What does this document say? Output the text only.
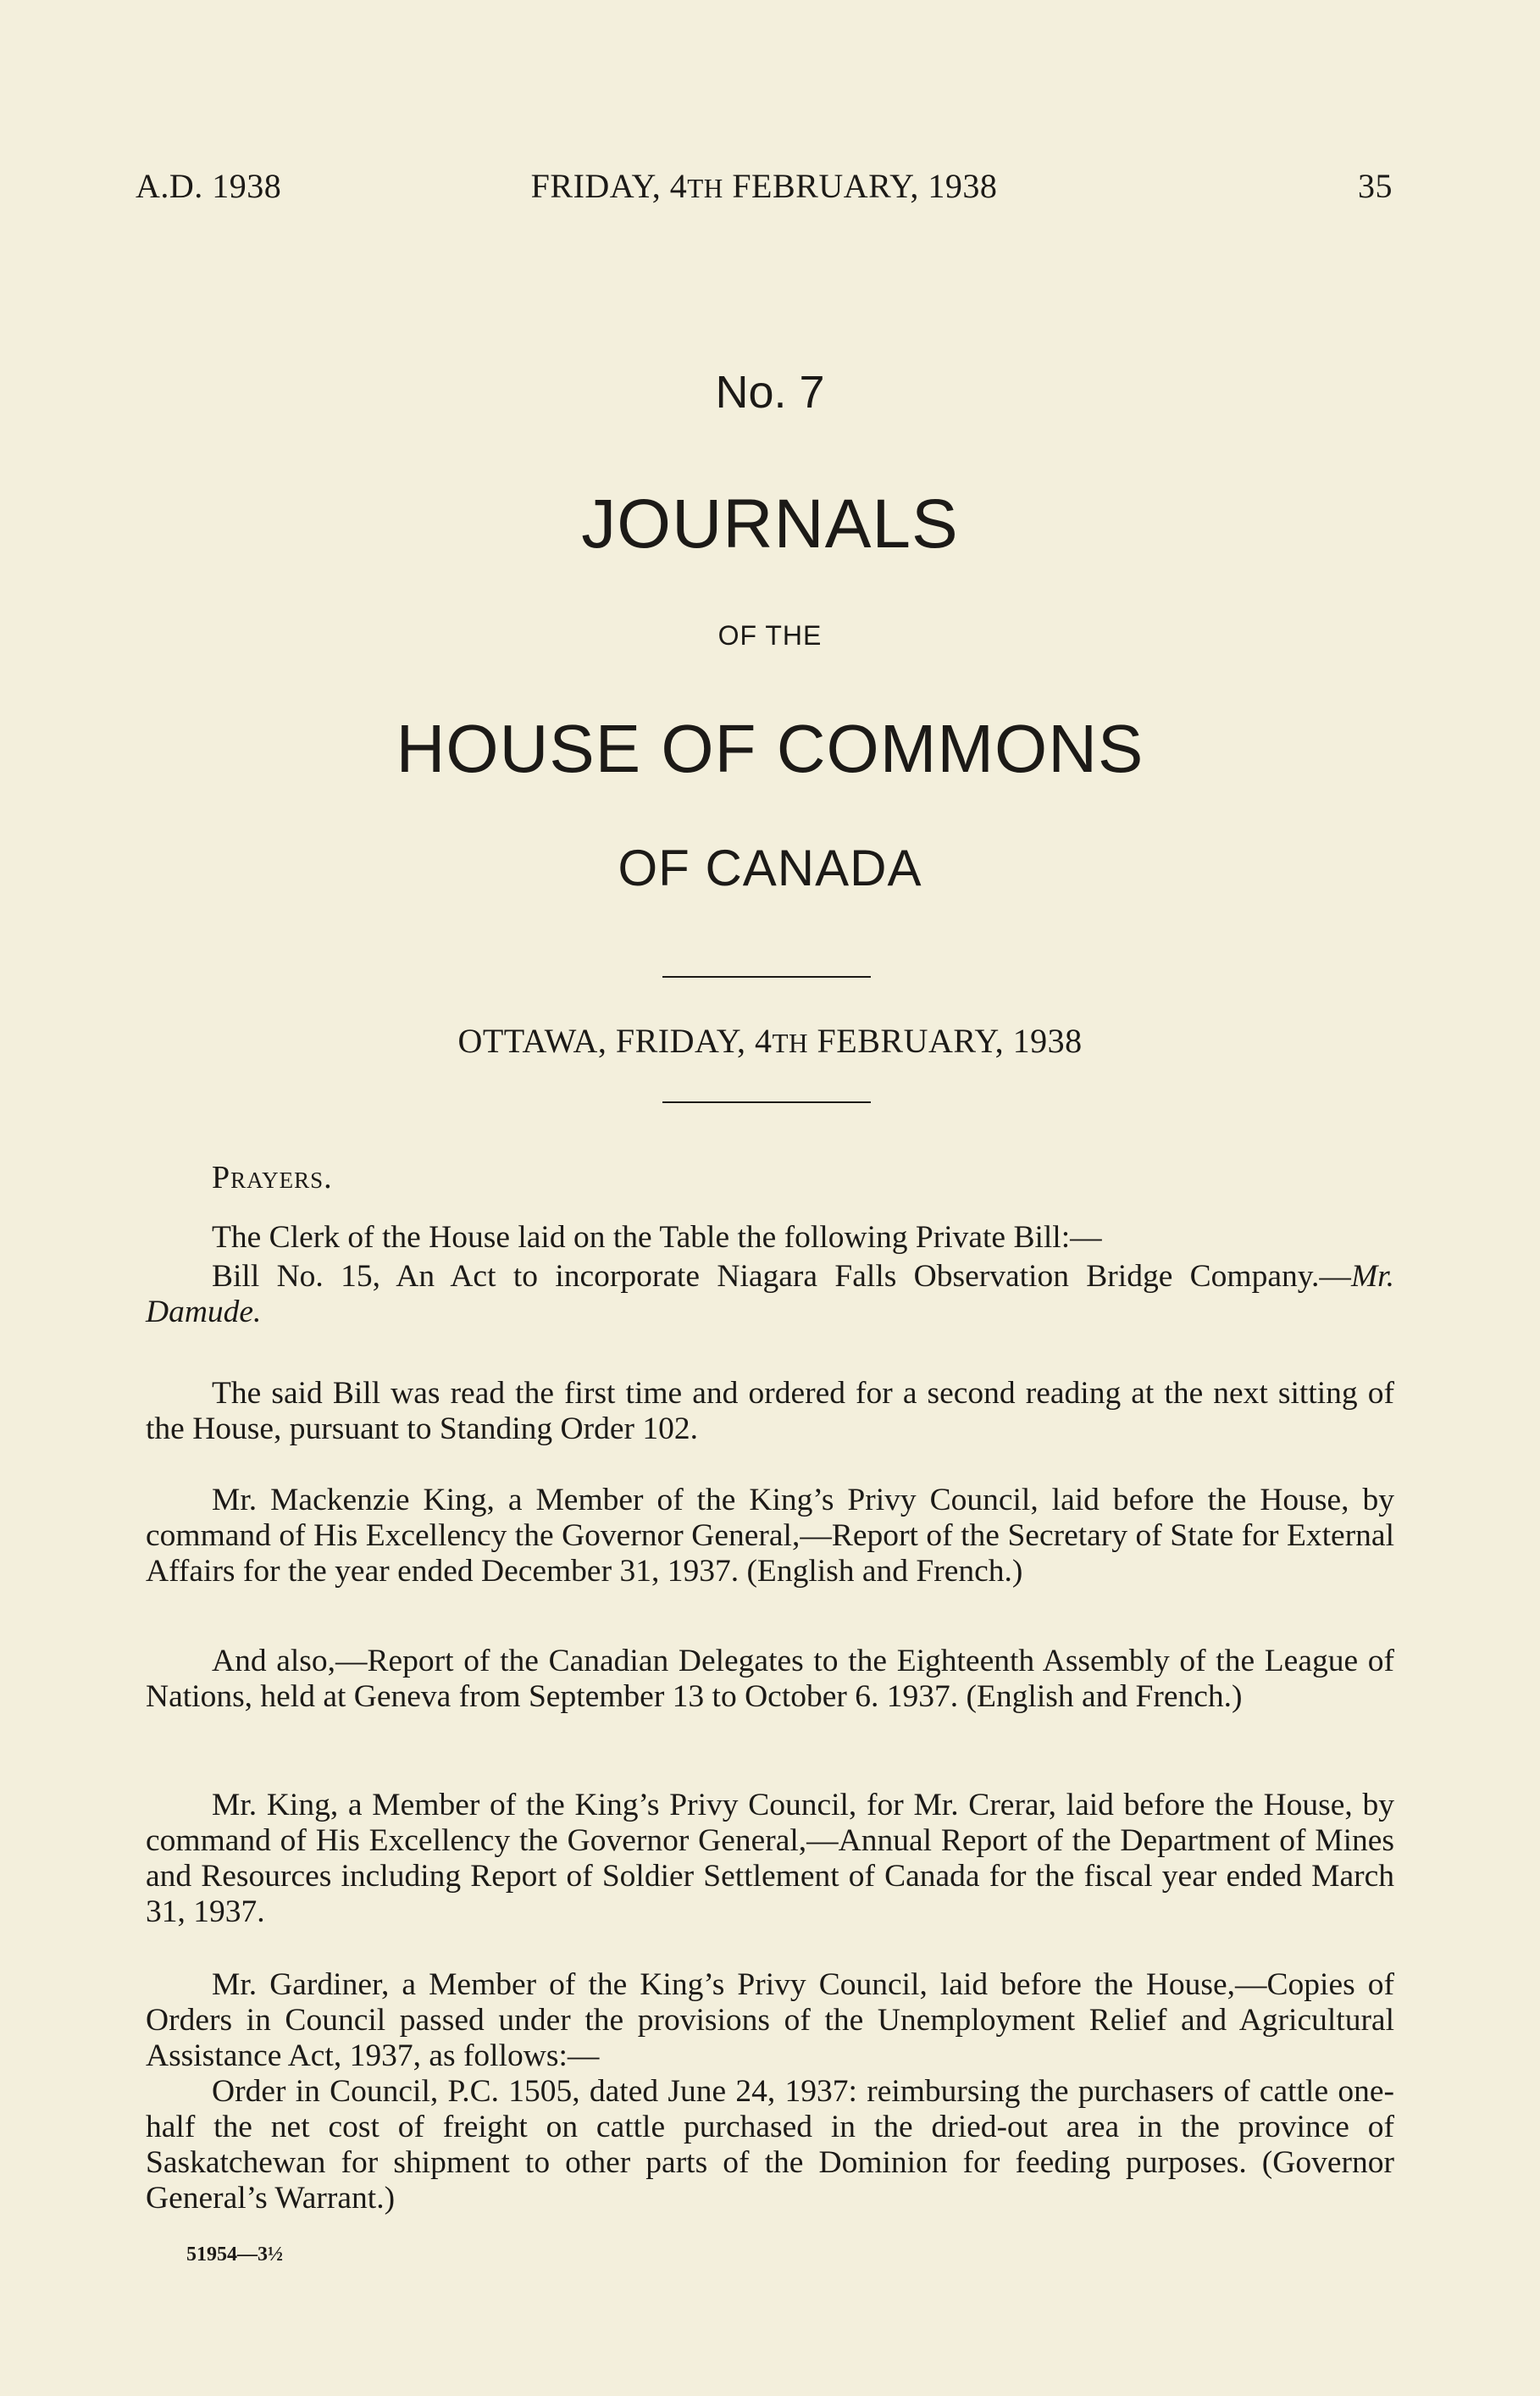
A.D. 1938	FRIDAY, 4TH FEBRUARY, 1938	35
No. 7
JOURNALS
OF THE
HOUSE OF COMMONS
OF CANADA
OTTAWA, FRIDAY, 4TH FEBRUARY, 1938
Prayers.
The Clerk of the House laid on the Table the following Private Bill:—
Bill No. 15, An Act to incorporate Niagara Falls Observation Bridge Company.—Mr. Damude.
The said Bill was read the first time and ordered for a second reading at the next sitting of the House, pursuant to Standing Order 102.
Mr. Mackenzie King, a Member of the King’s Privy Council, laid before the House, by command of His Excellency the Governor General,—Report of the Secretary of State for External Affairs for the year ended December 31, 1937. (English and French.)
And also,—Report of the Canadian Delegates to the Eighteenth Assembly of the League of Nations, held at Geneva from September 13 to October 6. 1937. (English and French.)
Mr. King, a Member of the King’s Privy Council, for Mr. Crerar, laid before the House, by command of His Excellency the Governor General,—Annual Report of the Department of Mines and Resources including Report of Soldier Settlement of Canada for the fiscal year ended March 31, 1937.
Mr. Gardiner, a Member of the King’s Privy Council, laid before the House,—Copies of Orders in Council passed under the provisions of the Unemployment Relief and Agricultural Assistance Act, 1937, as follows:—
Order in Council, P.C. 1505, dated June 24, 1937: reimbursing the purchasers of cattle one-half the net cost of freight on cattle purchased in the dried-out area in the province of Saskatchewan for shipment to other parts of the Dominion for feeding purposes. (Governor General’s Warrant.)
51954—3½
